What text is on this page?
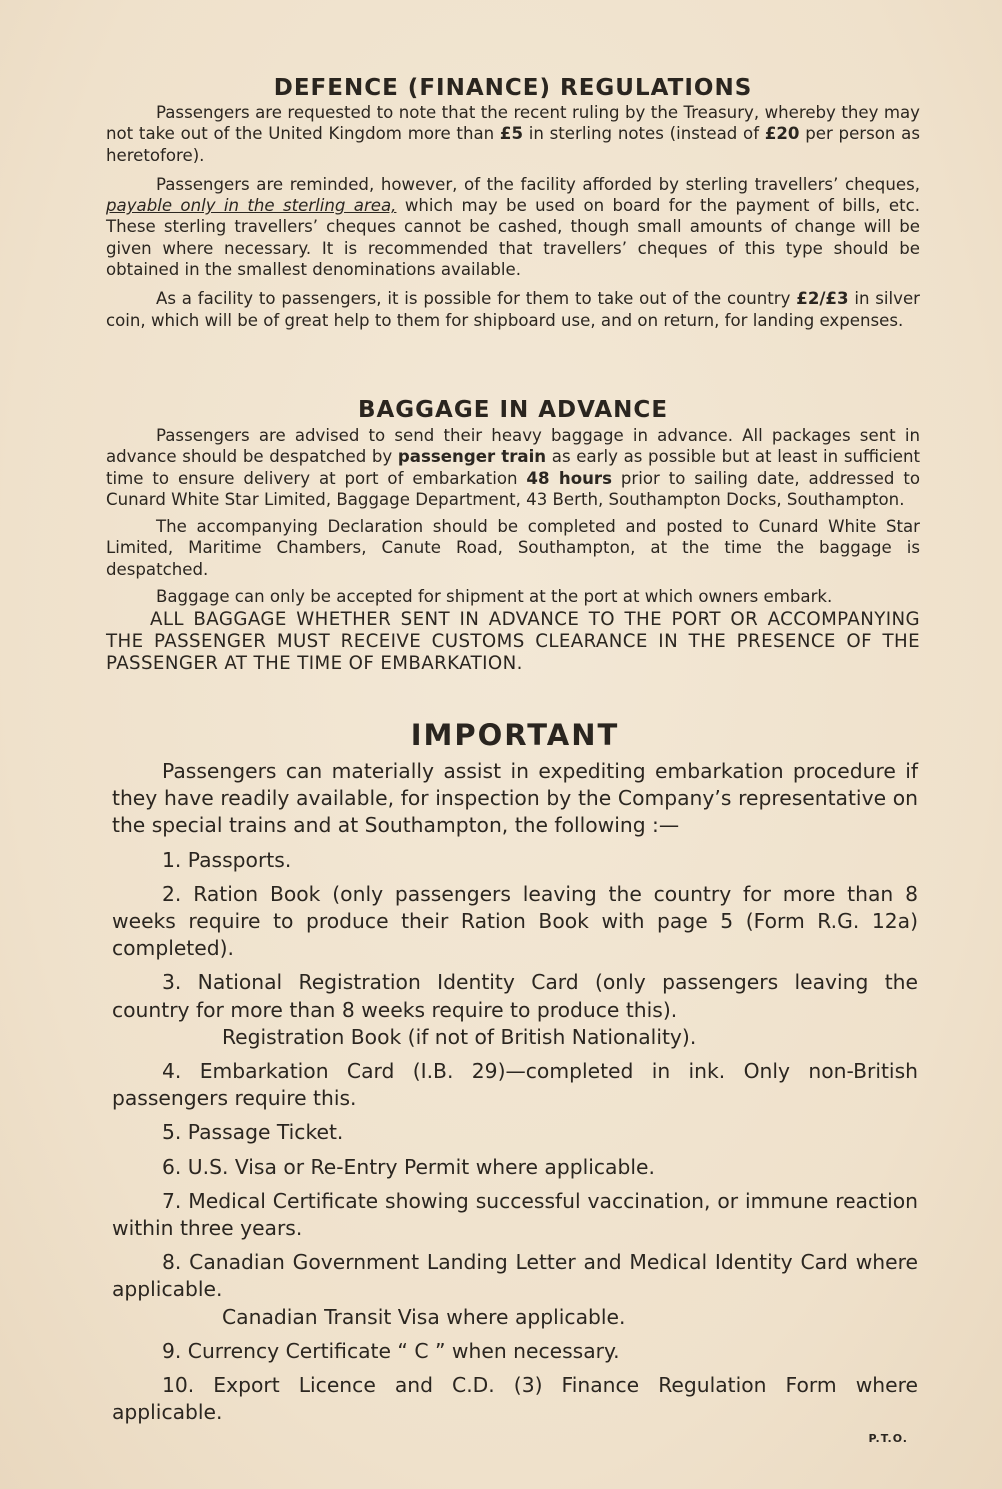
DEFENCE (FINANCE) REGULATIONS

Passengers are requested to note that the recent ruling by the Treasury, whereby they may not take out of the United Kingdom more than £5 in sterling notes (instead of £20 per person as heretofore).

Passengers are reminded, however, of the facility afforded by sterling travellers’ cheques, payable only in the sterling area, which may be used on board for the payment of bills, etc. These sterling travellers’ cheques cannot be cashed, though small amounts of change will be given where necessary. It is recommended that travellers’ cheques of this type should be obtained in the smallest denominations available.

As a facility to passengers, it is possible for them to take out of the country £2/£3 in silver coin, which will be of great help to them for shipboard use, and on return, for landing expenses.

BAGGAGE IN ADVANCE

Passengers are advised to send their heavy baggage in advance. All packages sent in advance should be despatched by passenger train as early as possible but at least in sufficient time to ensure delivery at port of embarkation 48 hours prior to sailing date, addressed to Cunard White Star Limited, Baggage Department, 43 Berth, Southampton Docks, Southampton.

The accompanying Declaration should be completed and posted to Cunard White Star Limited, Maritime Chambers, Canute Road, Southampton, at the time the baggage is despatched.

Baggage can only be accepted for shipment at the port at which owners embark.

ALL BAGGAGE WHETHER SENT IN ADVANCE TO THE PORT OR ACCOMPANYING THE PASSENGER MUST RECEIVE CUSTOMS CLEARANCE IN THE PRESENCE OF THE PASSENGER AT THE TIME OF EMBARKATION.

IMPORTANT

Passengers can materially assist in expediting embarkation procedure if they have readily available, for inspection by the Company’s representative on the special trains and at Southampton, the following :—

1. Passports.

2. Ration Book (only passengers leaving the country for more than 8 weeks require to produce their Ration Book with page 5 (Form R.G. 12a) completed).

3. National Registration Identity Card (only passengers leaving the country for more than 8 weeks require to produce this).

Registration Book (if not of British Nationality).

4. Embarkation Card (I.B. 29)—completed in ink. Only non-British passengers require this.

5. Passage Ticket.

6. U.S. Visa or Re-Entry Permit where applicable.

7. Medical Certificate showing successful vaccination, or immune reaction within three years.

8. Canadian Government Landing Letter and Medical Identity Card where applicable.

Canadian Transit Visa where applicable.

9. Currency Certificate “ C ” when necessary.

10. Export Licence and C.D. (3) Finance Regulation Form where applicable.

P.T.O.
